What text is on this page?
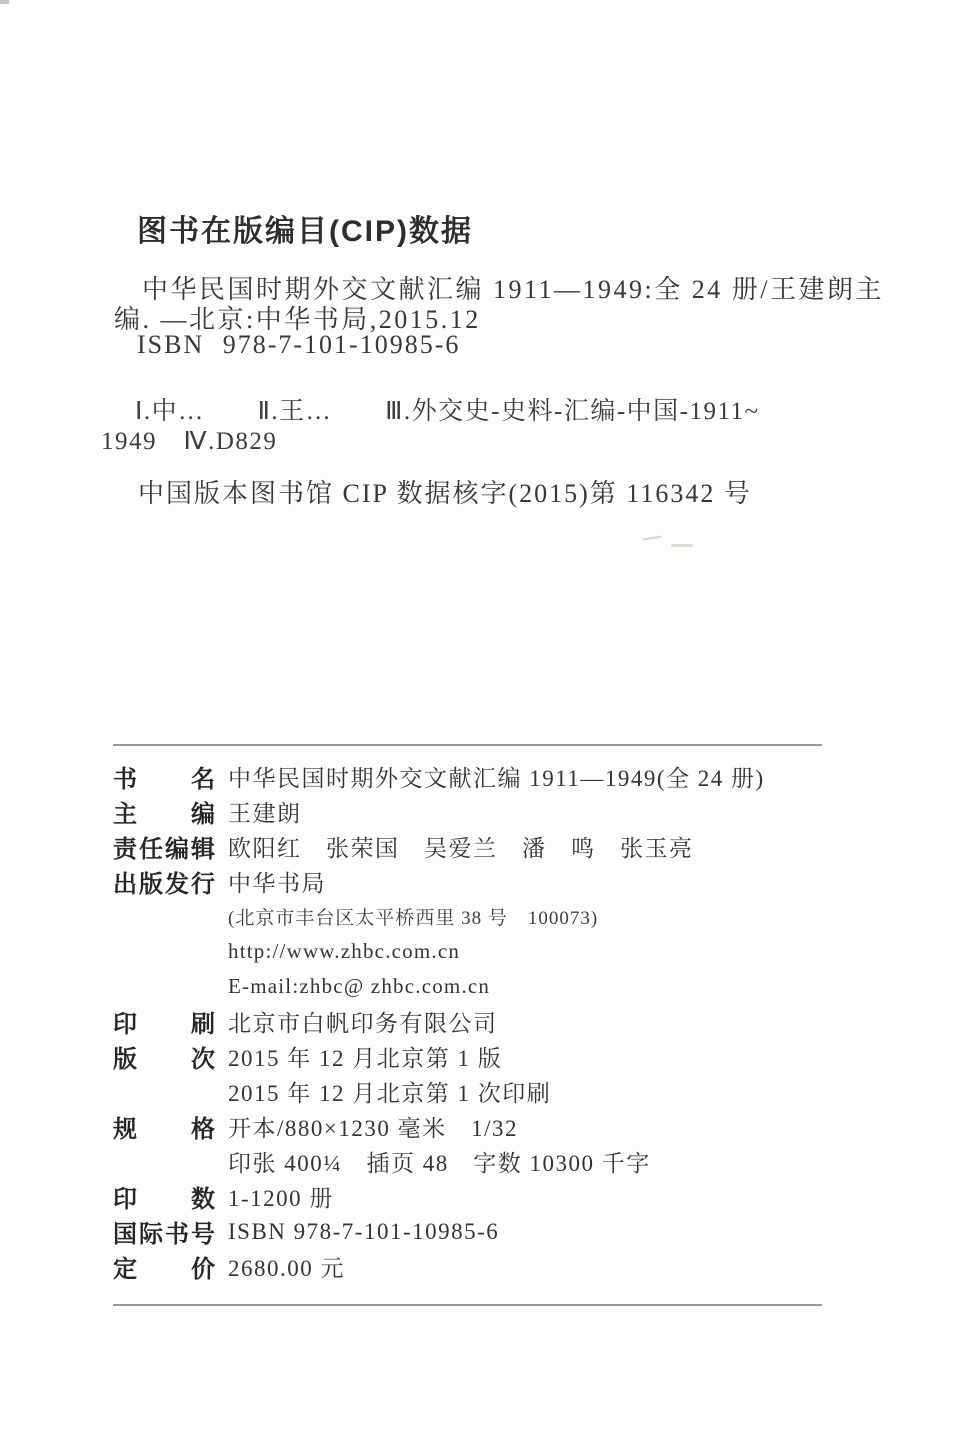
图书在版编目(CIP)数据

中华民国时期外交文献汇编 1911—1949:全 24 册/王建朗主

编. —北京:中华书局,2015.12

ISBN 978-7-101-10985-6

Ⅰ.中…　　Ⅱ.王…　　Ⅲ.外交史-史料-汇编-中国-1911~

1949　Ⅳ.D829

中国版本图书馆 CIP 数据核字(2015)第 116342 号

书 名 中华民国时期外交文献汇编 1911—1949(全 24 册)
主 编 王建朗
责 任 编 辑 欧阳红　张荣国　吴爱兰　潘　鸣　张玉亮
出 版 发 行 中华书局
(北京市丰台区太平桥西里 38 号　100073)
http://www.zhbc.com.cn
E-mail:zhbc@ zhbc.com.cn
印 刷 北京市白帆印务有限公司
版 次 2015 年 12 月北京第 1 版
2015 年 12 月北京第 1 次印刷
规 格 开本/880×1230 毫米　1/32
印张 400¼　插页 48　字数 10300 千字
印 数 1-1200 册
国 际 书 号 ISBN 978-7-101-10985-6
定 价 2680.00 元
